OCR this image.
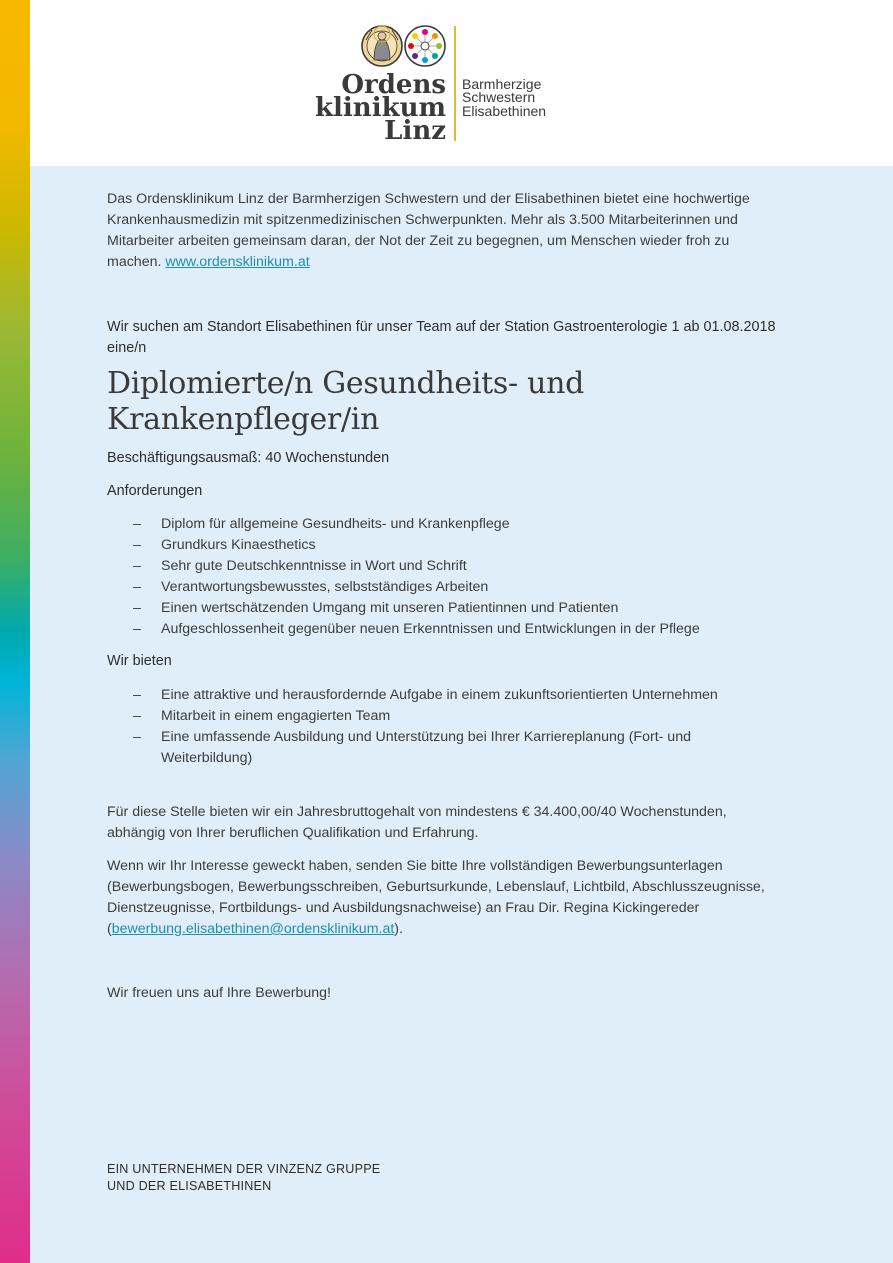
Ordens
klinikum
Linz
Barmherzige
Schwestern
Elisabethinen

Das Ordensklinikum Linz der Barmherzigen Schwestern und der Elisabethinen bietet eine hochwertige Krankenhausmedizin mit spitzenmedizinischen Schwerpunkten. Mehr als 3.500 Mitarbeiterinnen und Mitarbeiter arbeiten gemeinsam daran, der Not der Zeit zu begegnen, um Menschen wieder froh zu machen. www.ordensklinikum.at

Wir suchen am Standort Elisabethinen für unser Team auf der Station Gastroenterologie 1 ab 01.08.2018 eine/n

Diplomierte/n Gesundheits- und
Krankenpfleger/in

Beschäftigungsausmaß: 40 Wochenstunden

Anforderungen

– Diplom für allgemeine Gesundheits- und Krankenpflege
– Grundkurs Kinaesthetics
– Sehr gute Deutschkenntnisse in Wort und Schrift
– Verantwortungsbewusstes, selbstständiges Arbeiten
– Einen wertschätzenden Umgang mit unseren Patientinnen und Patienten
– Aufgeschlossenheit gegenüber neuen Erkenntnissen und Entwicklungen in der Pflege

Wir bieten

– Eine attraktive und herausfordernde Aufgabe in einem zukunftsorientierten Unternehmen
– Mitarbeit in einem engagierten Team
– Eine umfassende Ausbildung und Unterstützung bei Ihrer Karriereplanung (Fort- und Weiterbildung)

Für diese Stelle bieten wir ein Jahresbruttogehalt von mindestens € 34.400,00/40 Wochenstunden, abhängig von Ihrer beruflichen Qualifikation und Erfahrung.

Wenn wir Ihr Interesse geweckt haben, senden Sie bitte Ihre vollständigen Bewerbungsunterlagen (Bewerbungsbogen, Bewerbungsschreiben, Geburtsurkunde, Lebenslauf, Lichtbild, Abschlusszeugnisse, Dienstzeugnisse, Fortbildungs- und Ausbildungsnachweise) an Frau Dir. Regina Kickingereder (bewerbung.elisabethinen@ordensklinikum.at).

Wir freuen uns auf Ihre Bewerbung!

EIN UNTERNEHMEN DER VINZENZ GRUPPE
UND DER ELISABETHINEN
